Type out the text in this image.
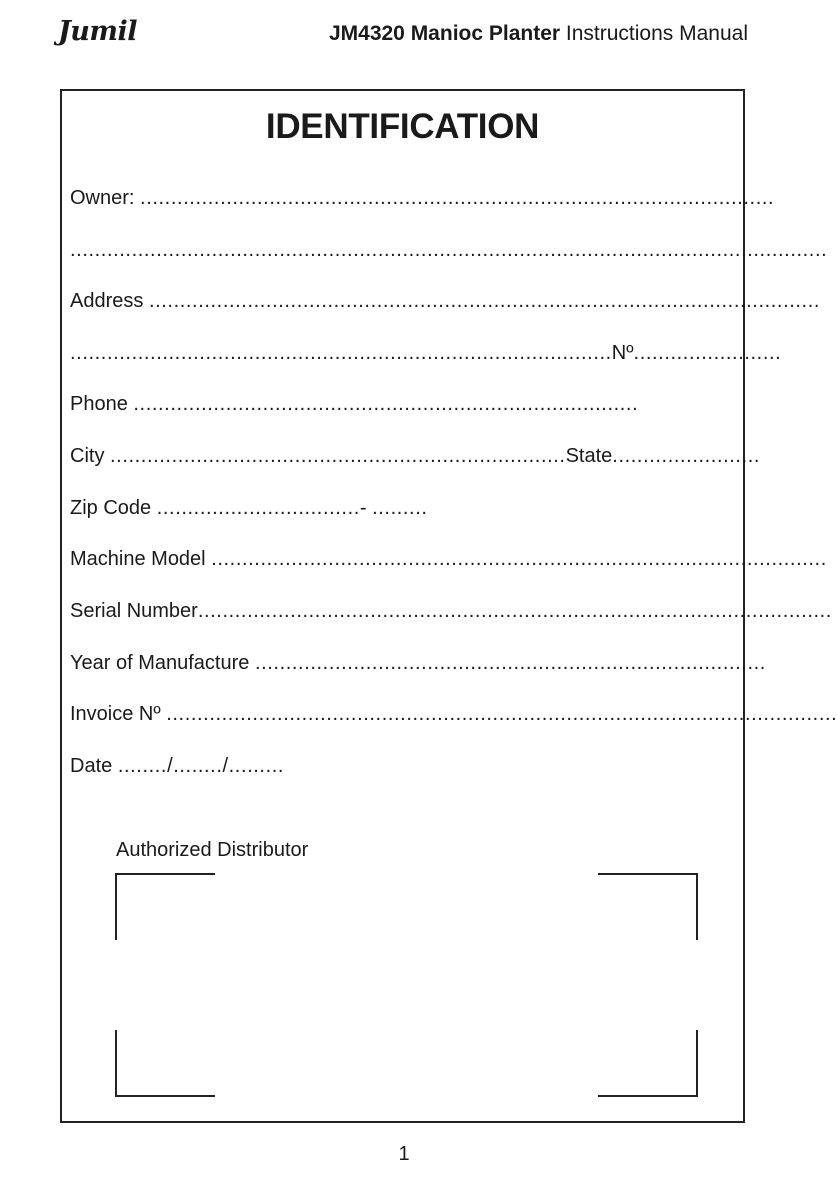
Jumil	JM4320 Manioc Planter Instructions Manual
IDENTIFICATION
Owner: .......................................................................................................
...........................................................................................................................
Address .............................................................................................................
........................................................................................Nº........................
Phone ..................................................................................
City ..........................................................................State........................
Zip Code .................................- .........
Machine Model ....................................................................................................
Serial Number.......................................................................................................
Year of Manufacture ...................................................................................
Invoice Nº .............................................................................................................
Date ......../......../.........
Authorized Distributor
1
